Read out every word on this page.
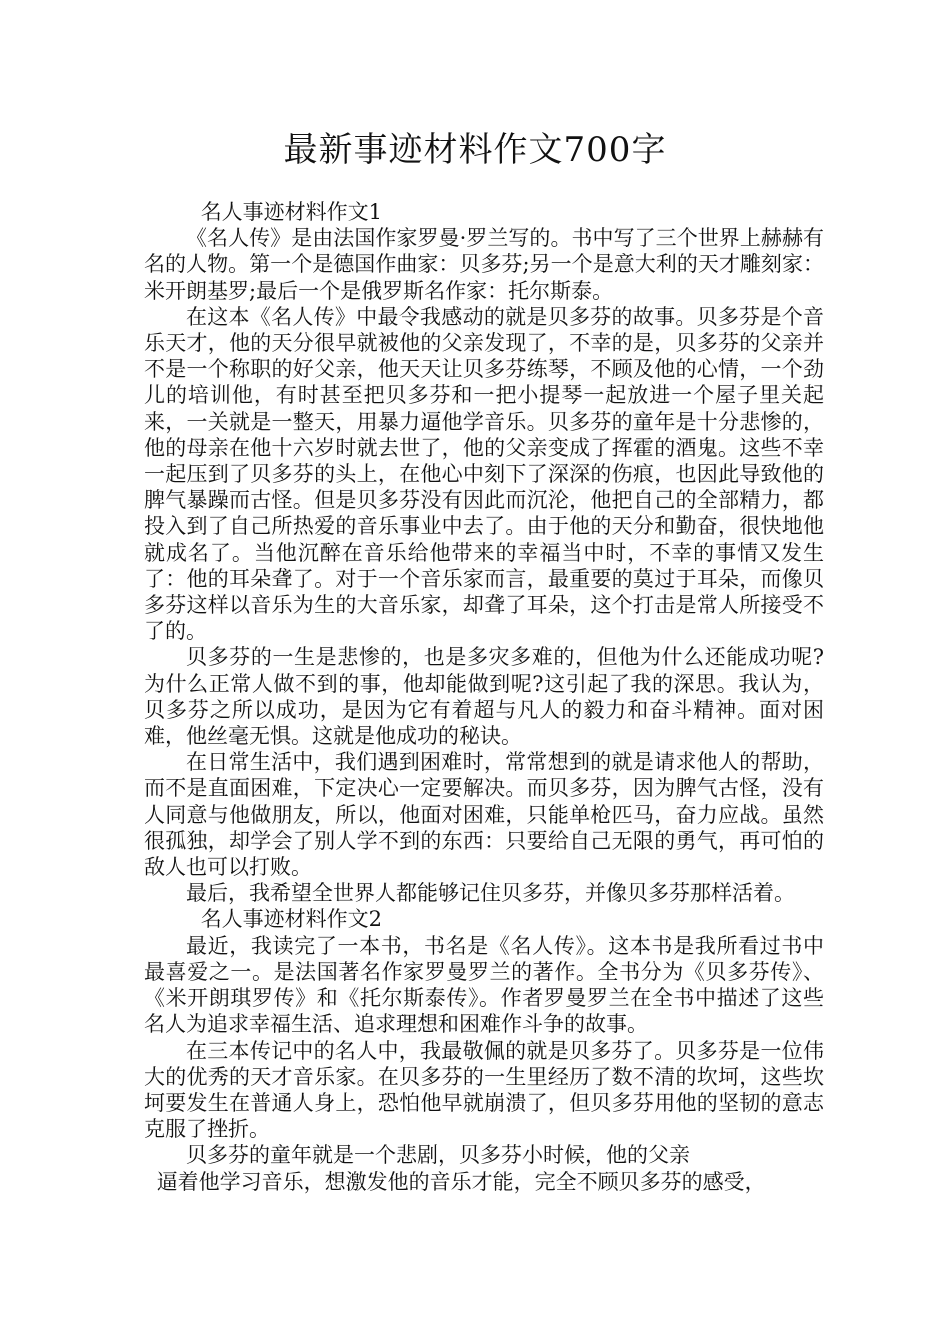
最新事迹材料作文700字

名人事迹材料作文1

《名人传》是由法国作家罗曼·罗兰写的。书中写了三个世界上赫赫有名的人物。第一个是德国作曲家：贝多芬;另一个是意大利的天才雕刻家：米开朗基罗;最后一个是俄罗斯名作家：托尔斯泰。

在这本《名人传》中最令我感动的就是贝多芬的故事。贝多芬是个音乐天才，他的天分很早就被他的父亲发现了，不幸的是，贝多芬的父亲并不是一个称职的好父亲，他天天让贝多芬练琴，不顾及他的心情，一个劲儿的培训他，有时甚至把贝多芬和一把小提琴一起放进一个屋子里关起来，一关就是一整天，用暴力逼他学音乐。贝多芬的童年是十分悲惨的，他的母亲在他十六岁时就去世了，他的父亲变成了挥霍的酒鬼。这些不幸一起压到了贝多芬的头上，在他心中刻下了深深的伤痕，也因此导致他的脾气暴躁而古怪。但是贝多芬没有因此而沉沦，他把自己的全部精力，都投入到了自己所热爱的音乐事业中去了。由于他的天分和勤奋，很快地他就成名了。当他沉醉在音乐给他带来的幸福当中时，不幸的事情又发生了：他的耳朵聋了。对于一个音乐家而言，最重要的莫过于耳朵，而像贝多芬这样以音乐为生的大音乐家，却聋了耳朵，这个打击是常人所接受不了的。

贝多芬的一生是悲惨的，也是多灾多难的，但他为什么还能成功呢?为什么正常人做不到的事，他却能做到呢?这引起了我的深思。我认为，贝多芬之所以成功，是因为它有着超与凡人的毅力和奋斗精神。面对困难，他丝毫无惧。这就是他成功的秘诀。

在日常生活中，我们遇到困难时，常常想到的就是请求他人的帮助，而不是直面困难，下定决心一定要解决。而贝多芬，因为脾气古怪，没有人同意与他做朋友，所以，他面对困难，只能单枪匹马，奋力应战。虽然很孤独，却学会了别人学不到的东西：只要给自己无限的勇气，再可怕的敌人也可以打败。

最后，我希望全世界人都能够记住贝多芬，并像贝多芬那样活着。

名人事迹材料作文2

最近，我读完了一本书，书名是《名人传》。这本书是我所看过书中最喜爱之一。是法国著名作家罗曼罗兰的著作。全书分为《贝多芬传》、《米开朗琪罗传》和《托尔斯泰传》。作者罗曼罗兰在全书中描述了这些名人为追求幸福生活、追求理想和困难作斗争的故事。

在三本传记中的名人中，我最敬佩的就是贝多芬了。贝多芬是一位伟大的优秀的天才音乐家。在贝多芬的一生里经历了数不清的坎坷，这些坎坷要发生在普通人身上，恐怕他早就崩溃了，但贝多芬用他的坚韧的意志克服了挫折。

贝多芬的童年就是一个悲剧，贝多芬小时候，他的父亲

逼着他学习音乐，想激发他的音乐才能，完全不顾贝多芬的感受，
